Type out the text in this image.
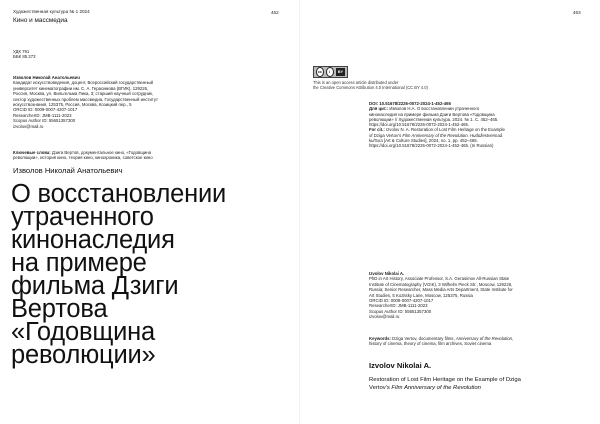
Художественная культура № 1 2024
Кино и массмедиа
462
УДК 791
ББК 85.373
Изволов Николай Анатольевич
Кандидат искусствоведения, доцент, Всероссийский государственный
университет кинематографии им. С. А. Герасимова (ВГИК), 129226,
Россия, Москва, ул. Вильгельма Пика, 3; старший научный сотрудник,
сектор художественных проблем массмедиа, Государственный институт
искусствознания, 125375, Россия, Москва, Козицкий пер., 5
ORCID ID: 0009-0007-4207-1017
ResearcherID: JMB-1111-2023
Scopus Author ID: 55651357300
izvolov@mail.ru
Ключевые слова: Дзига Вертов, документальное кино, «Годовщина
революции», история кино, теория кино, кинохроника, советское кино
Изволов Николай Анатольевич
О восстановлении
утраченного
кинонаследия
на примере
фильма Дзиги
Вертова
«Годовщина
революции»
463
cc	i	BY
This is an open access article distributed under
the Creative Commons Attribution 4.0 International (CC BY 4.0)
DOI: 10.51678/2226-0072-2024-1-452-465
Для цит.: Изволов Н.А. О восстановлении утраченного
кинонаследия на примере фильма Дзиги Вертова «Годовщина
революции» // Художественная культура. 2024. № 1. С. 452–465.
https://doi.org/10.51678/2226-0072-2024-1-452-465.
For cit.: Izvolov N. A. Restoration of Lost Film Heritage on the Example
of Dziga Vertov's Film Anniversary of the Revolution. Hudožestvennaâ
kul'tura [Art & Culture Studies], 2024, no. 1, pp. 452–465.
https://doi.org/10.51678/2226-0072-2024-1-452-465. (In Russian)
Izvolov Nikolai A.
PhD in Art History, Associate Professor, S.A. Gerasimov All-Russian State
Institute of Cinematography (VGIK), 3 Wilhelm Pieck Str., Moscow, 129226,
Russia; Senior Researcher, Mass Media Arts Department, State Institute for
Art Studies, 5 Kozitsky Lane, Moscow, 125375, Russia
ORCID ID: 0009-0007-4207-1017
ResearcherID: JMB-1111-2023
Scopus Author ID: 55651357300
izvolov@mail.ru
Keywords: Dziga Vertov, documentary films, Anniversary of the Revolution,
history of cinema, theory of cinema, film archives, Soviet cinema
Izvolov Nikolai A.
Restoration of Lost Film Heritage on the Example of Dziga
Vertov's Film Anniversary of the Revolution
